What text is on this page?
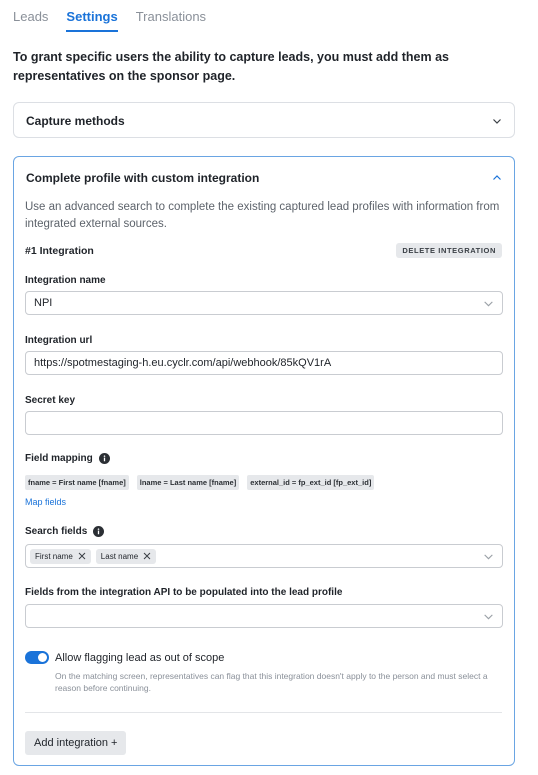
Leads Settings Translations

To grant specific users the ability to capture leads, you must add them as representatives on the sponsor page.

Capture methods
Complete profile with custom integration

Use an advanced search to complete the existing captured lead profiles with information from integrated external sources.

#1 Integration	DELETE INTEGRATION
Integration name
NPI
Integration url
https://spotmestaging-h.eu.cyclr.com/api/webhook/85kQV1rA
Secret key
Field mapping
fname = First name [fname]	lname = Last name [fname]	external_id = fp_ext_id [fp_ext_id]
Map fields
Search fields
First name	Last name
Fields from the integration API to be populated into the lead profile
Allow flagging lead as out of scope

On the matching screen, representatives can flag that this integration doesn't apply to the person and must select a reason before continuing.

Add integration +
